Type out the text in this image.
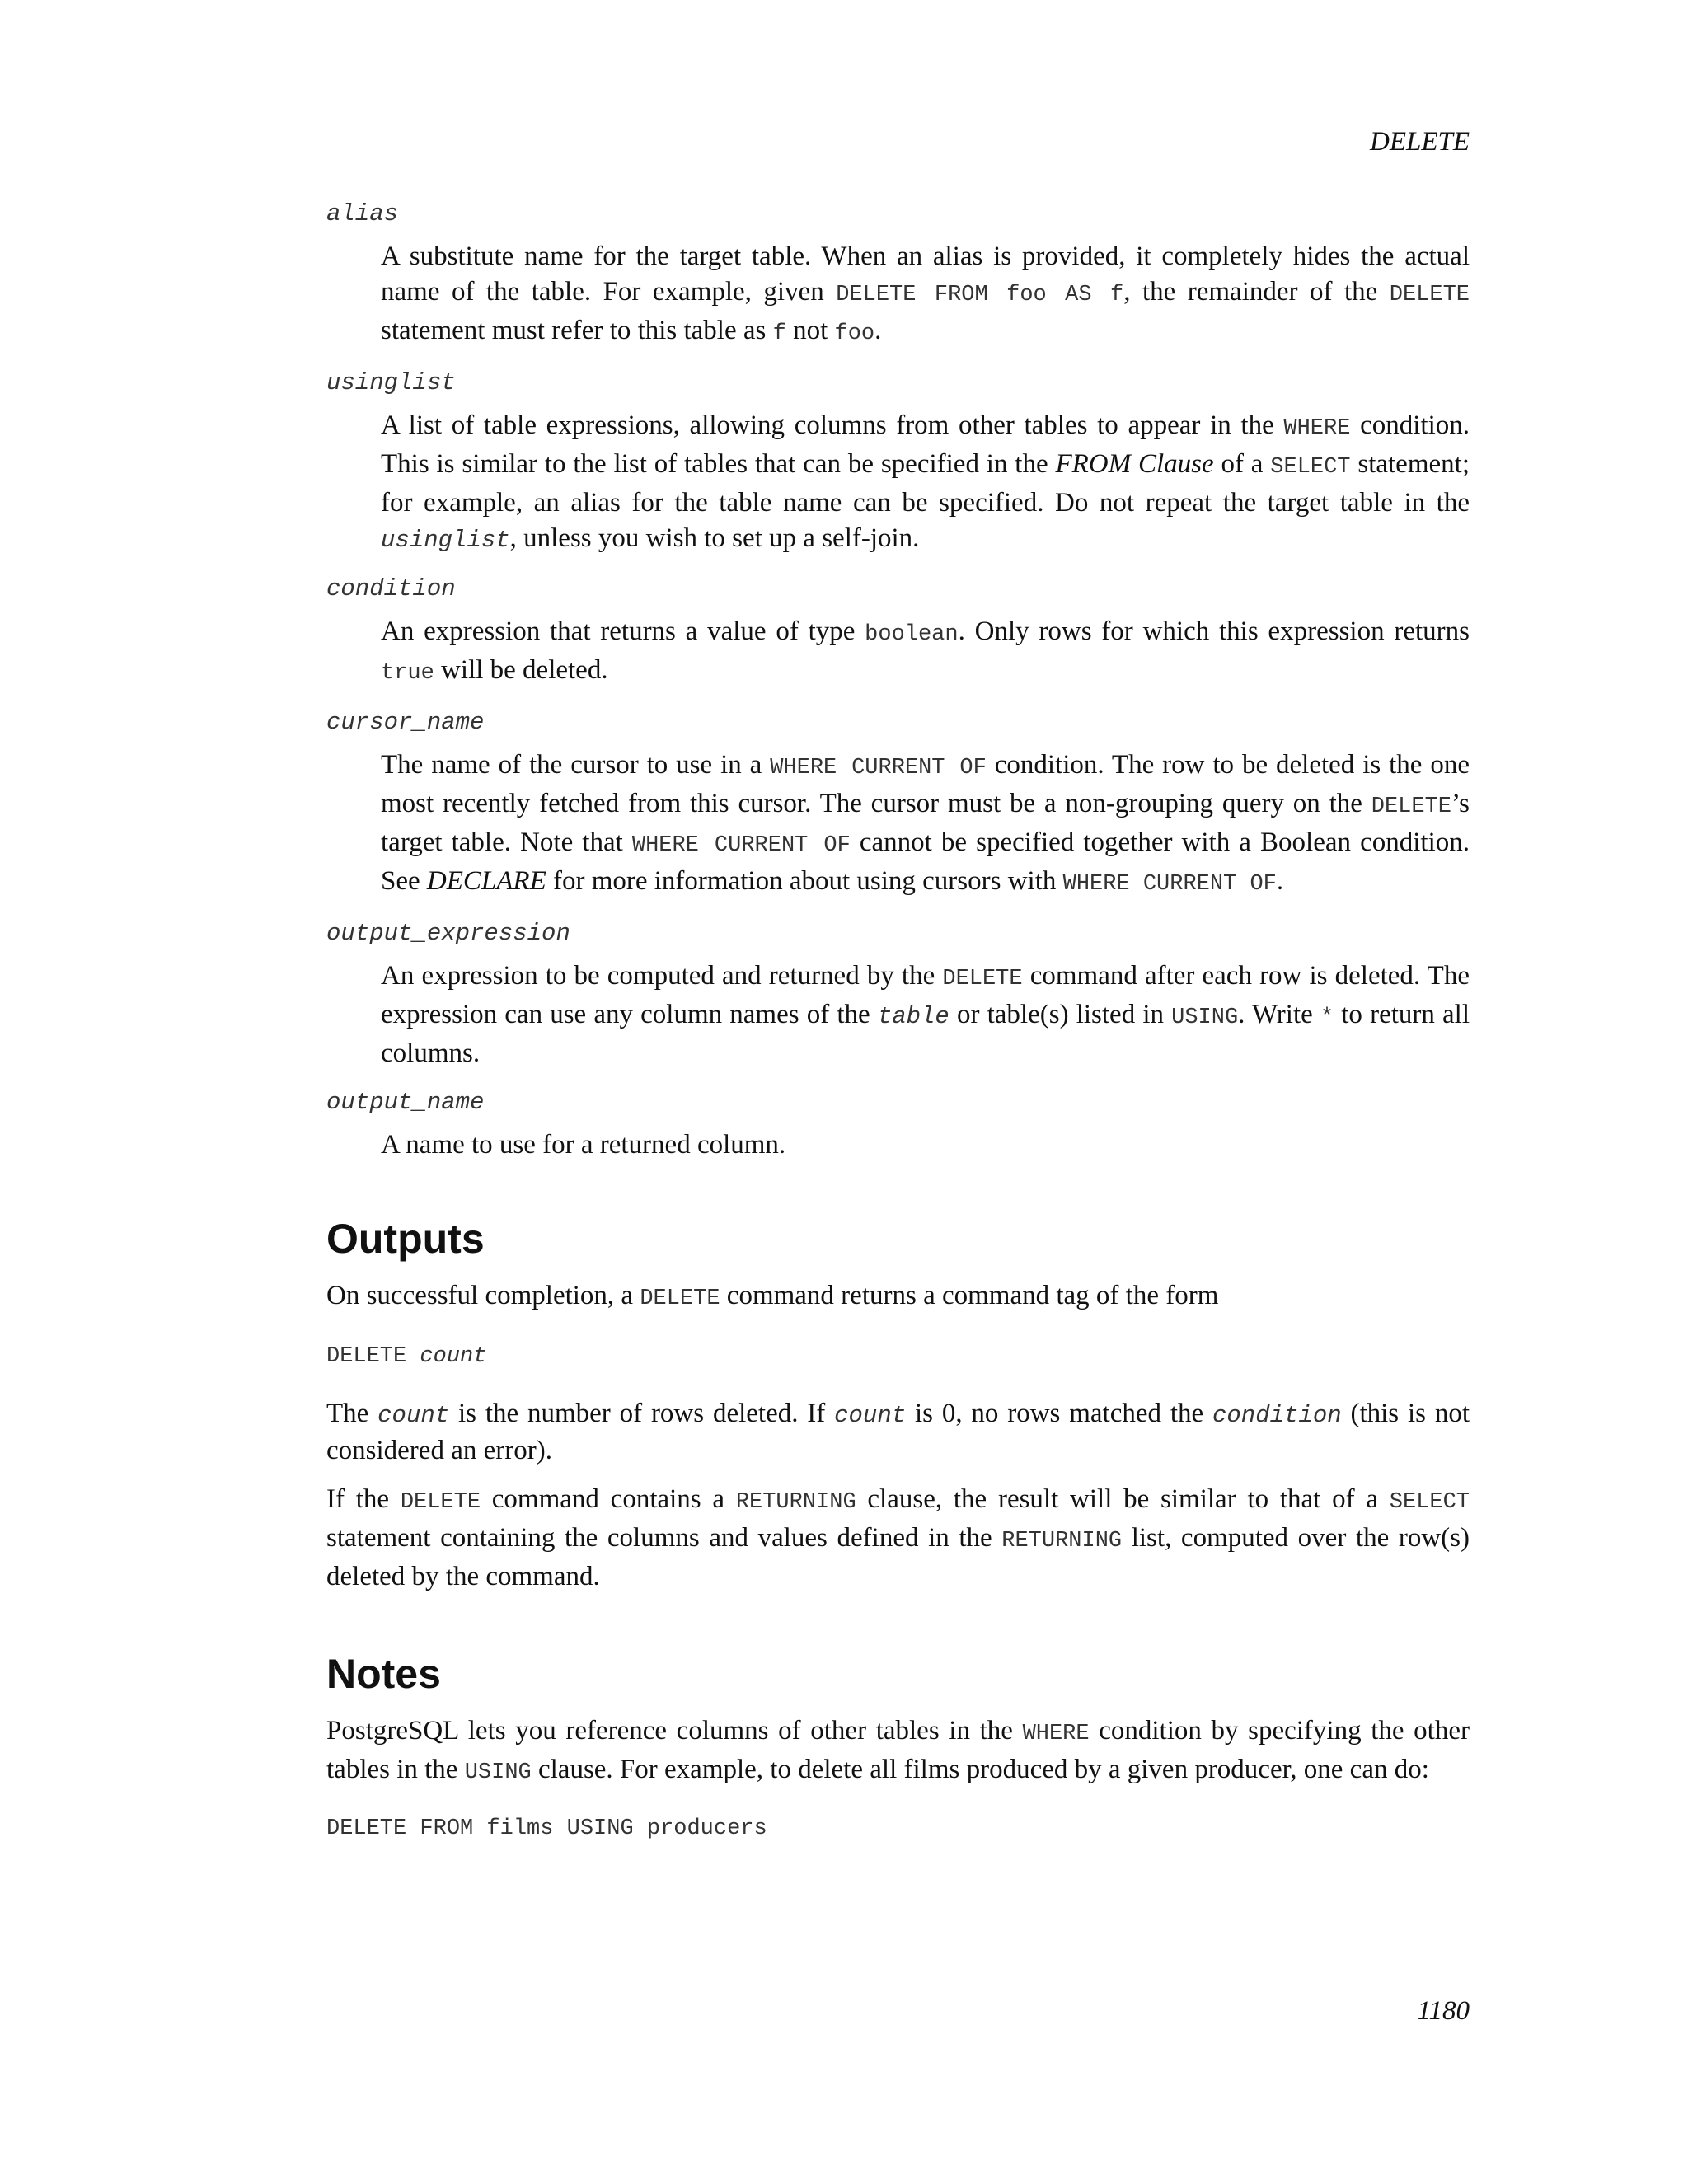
DELETE

alias

A substitute name for the target table. When an alias is provided, it completely hides the actual name of the table. For example, given DELETE FROM foo AS f, the remainder of the DELETE statement must refer to this table as f not foo.

usinglist

A list of table expressions, allowing columns from other tables to appear in the WHERE condition. This is similar to the list of tables that can be specified in the FROM Clause of a SELECT statement; for example, an alias for the table name can be specified. Do not repeat the target table in the usinglist, unless you wish to set up a self-join.

condition

An expression that returns a value of type boolean. Only rows for which this expression returns true will be deleted.

cursor_name

The name of the cursor to use in a WHERE CURRENT OF condition. The row to be deleted is the one most recently fetched from this cursor. The cursor must be a non-grouping query on the DELETE’s target table. Note that WHERE CURRENT OF cannot be specified together with a Boolean condition. See DECLARE for more information about using cursors with WHERE CURRENT OF.

output_expression

An expression to be computed and returned by the DELETE command after each row is deleted. The expression can use any column names of the table or table(s) listed in USING. Write * to return all columns.

output_name

A name to use for a returned column.

Outputs

On successful completion, a DELETE command returns a command tag of the form

DELETE count

The count is the number of rows deleted. If count is 0, no rows matched the condition (this is not considered an error).

If the DELETE command contains a RETURNING clause, the result will be similar to that of a SELECT statement containing the columns and values defined in the RETURNING list, computed over the row(s) deleted by the command.

Notes

PostgreSQL lets you reference columns of other tables in the WHERE condition by specifying the other tables in the USING clause. For example, to delete all films produced by a given producer, one can do:

DELETE FROM films USING producers

1180
